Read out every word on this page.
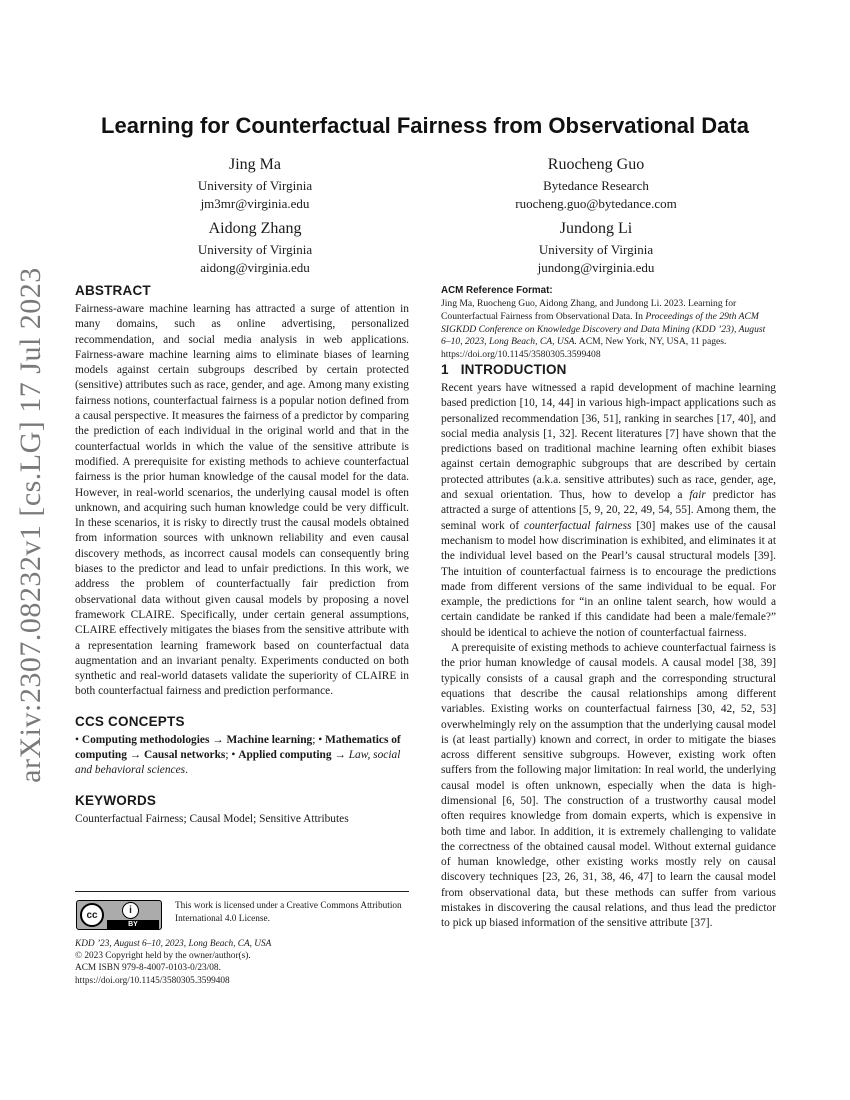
arXiv:2307.08232v1 [cs.LG] 17 Jul 2023
Learning for Counterfactual Fairness from Observational Data
Jing Ma
University of Virginia
jm3mr@virginia.edu
Ruocheng Guo
Bytedance Research
ruocheng.guo@bytedance.com
Aidong Zhang
University of Virginia
aidong@virginia.edu
Jundong Li
University of Virginia
jundong@virginia.edu
ABSTRACT

Fairness-aware machine learning has attracted a surge of attention in many domains, such as online advertising, personalized recommendation, and social media analysis in web applications. Fairness-aware machine learning aims to eliminate biases of learning models against certain subgroups described by certain protected (sensitive) attributes such as race, gender, and age. Among many existing fairness notions, counterfactual fairness is a popular notion defined from a causal perspective. It measures the fairness of a predictor by comparing the prediction of each individual in the original world and that in the counterfactual worlds in which the value of the sensitive attribute is modified. A prerequisite for existing methods to achieve counterfactual fairness is the prior human knowledge of the causal model for the data. However, in real-world scenarios, the underlying causal model is often unknown, and acquiring such human knowledge could be very difficult. In these scenarios, it is risky to directly trust the causal models obtained from information sources with unknown reliability and even causal discovery methods, as incorrect causal models can consequently bring biases to the predictor and lead to unfair predictions. In this work, we address the problem of counterfactually fair prediction from observational data without given causal models by proposing a novel framework CLAIRE. Specifically, under certain general assumptions, CLAIRE effectively mitigates the biases from the sensitive attribute with a representation learning framework based on counterfactual data augmentation and an invariant penalty. Experiments conducted on both synthetic and real-world datasets validate the superiority of CLAIRE in both counterfactual fairness and prediction performance.

CCS CONCEPTS

• Computing methodologies → Machine learning; • Mathematics of computing → Causal networks; • Applied computing → Law, social and behavioral sciences.

KEYWORDS

Counterfactual Fairness; Causal Model; Sensitive Attributes

cc	i
BY
This work is licensed under a Creative Commons Attribution International 4.0 License.
KDD ’23, August 6–10, 2023, Long Beach, CA, USA
© 2023 Copyright held by the owner/author(s).
ACM ISBN 979-8-4007-0103-0/23/08.
https://doi.org/10.1145/3580305.3599408
ACM Reference Format:

Jing Ma, Ruocheng Guo, Aidong Zhang, and Jundong Li. 2023. Learning for Counterfactual Fairness from Observational Data. In Proceedings of the 29th ACM SIGKDD Conference on Knowledge Discovery and Data Mining (KDD ’23), August 6–10, 2023, Long Beach, CA, USA. ACM, New York, NY, USA, 11 pages. https://doi.org/10.1145/3580305.3599408

1 INTRODUCTION

Recent years have witnessed a rapid development of machine learning based prediction [10, 14, 44] in various high-impact applications such as personalized recommendation [36, 51], ranking in searches [17, 40], and social media analysis [1, 32]. Recent literatures [7] have shown that the predictions based on traditional machine learning often exhibit biases against certain demographic subgroups that are described by certain protected attributes (a.k.a. sensitive attributes) such as race, gender, age, and sexual orientation. Thus, how to develop a fair predictor has attracted a surge of attentions [5, 9, 20, 22, 49, 54, 55]. Among them, the seminal work of counterfactual fairness [30] makes use of the causal mechanism to model how discrimination is exhibited, and eliminates it at the individual level based on the Pearl’s causal structural models [39]. The intuition of counterfactual fairness is to encourage the predictions made from different versions of the same individual to be equal. For example, the predictions for “in an online talent search, how would a certain candidate be ranked if this candidate had been a male/female?” should be identical to achieve the notion of counterfactual fairness.

A prerequisite of existing methods to achieve counterfactual fairness is the prior human knowledge of causal models. A causal model [38, 39] typically consists of a causal graph and the corresponding structural equations that describe the causal relationships among different variables. Existing works on counterfactual fairness [30, 42, 52, 53] overwhelmingly rely on the assumption that the underlying causal model is (at least partially) known and correct, in order to mitigate the biases across different sensitive subgroups. However, existing work often suffers from the following major limitation: In real world, the underlying causal model is often unknown, especially when the data is high-dimensional [6, 50]. The construction of a trustworthy causal model often requires knowledge from domain experts, which is expensive in both time and labor. In addition, it is extremely challenging to validate the correctness of the obtained causal model. Without external guidance of human knowledge, other existing works mostly rely on causal discovery techniques [23, 26, 31, 38, 46, 47] to learn the causal model from observational data, but these methods can suffer from various mistakes in discovering the causal relations, and thus lead the predictor to pick up biased information of the sensitive attribute [37].
